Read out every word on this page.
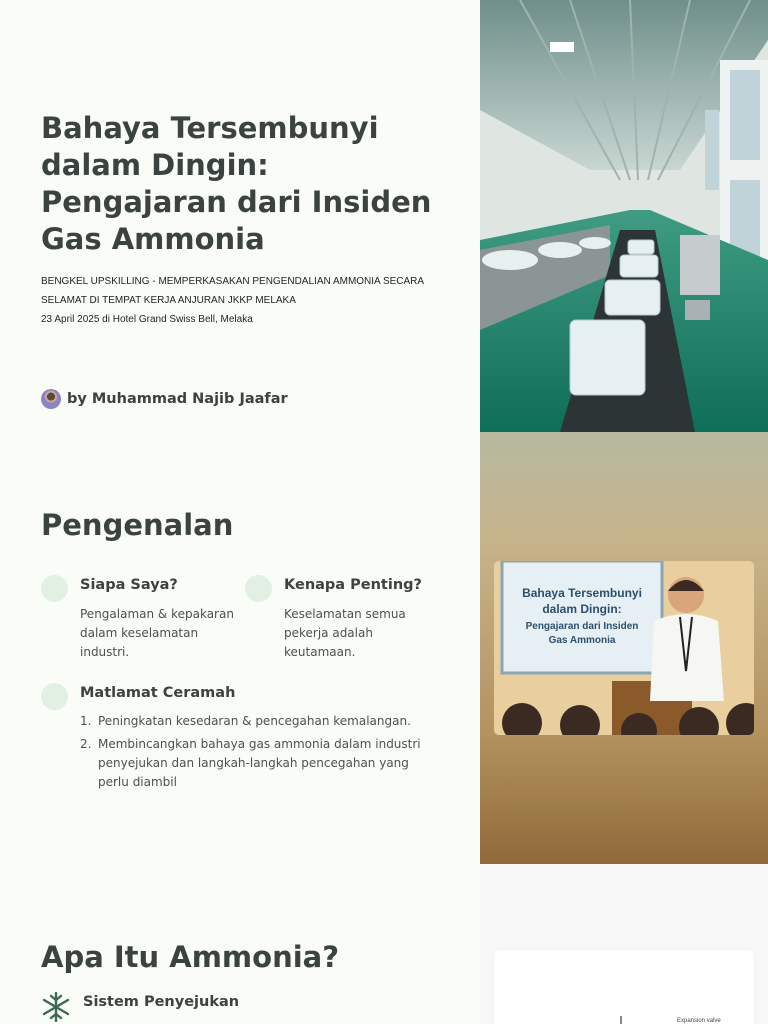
Bahaya Tersembunyi dalam Dingin: Pengajaran dari Insiden Gas Ammonia
BENGKEL UPSKILLING - MEMPERKASAKAN PENGENDALIAN AMMONIA SECARA SELAMAT DI TEMPAT KERJA ANJURAN JKKP MELAKA
23 April 2025 di Hotel Grand Swiss Bell, Melaka
by Muhammad Najib Jaafar
Pengenalan
Siapa Saya?
Pengalaman & kepakaran dalam keselamatan industri.
Kenapa Penting?
Keselamatan semua pekerja adalah keutamaan.
Matlamat Ceramah
1. Peningkatan kesedaran & pencegahan kemalangan.
2. Membincangkan bahaya gas ammonia dalam industri penyejukan dan langkah-langkah pencegahan yang perlu diambil
Bahaya Tersembunyi
dalam Dingin:
Pengajaran dari Insiden
Gas Ammonia
Apa Itu Ammonia?
Sistem Penyejukan
Expansion valve
